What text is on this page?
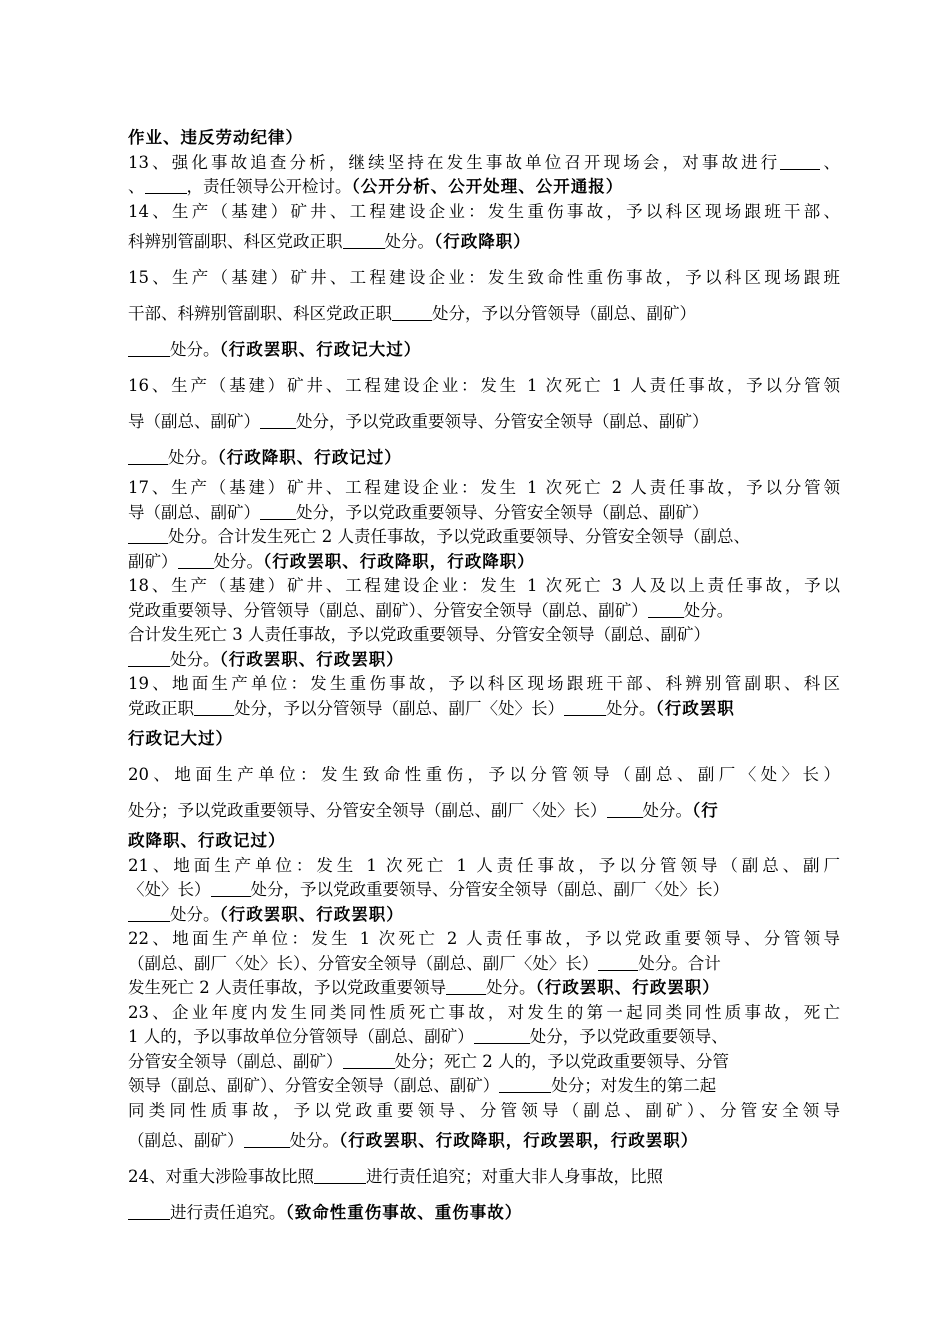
作业、违反劳动纪律）
13、强化事故追查分析，继续坚持在发生事故单位召开现场会，对事故进行 、
、	，责任领导公开检讨。（公开分析、公开处理、公开通报）
14、生产（基建）矿井、工程建设企业：发生重伤事故，予以科区现场跟班干部、
科辨别管副职、科区党政正职	处分。（行政降职）
15、生产（基建）矿井、工程建设企业：发生致命性重伤事故，予以科区现场跟班
干部、科辨别管副职、科区党政正职 处分，予以分管领导（副总、副矿）
处分。（行政罢职、行政记大过）
16、生产（基建）矿井、工程建设企业：发生 1 次死亡 1 人责任事故，予以分管领
导（副总、副矿） 处分，予以党政重要领导、分管安全领导（副总、副矿）
处分。（行政降职、行政记过）
17、生产（基建）矿井、工程建设企业：发生 1 次死亡 2 人责任事故，予以分管领
导（副总、副矿） 处分，予以党政重要领导、分管安全领导（副总、副矿）
处分。合计发生死亡 2 人责任事故，予以党政重要领导、分管安全领导（副总、
副矿） 处分。（行政罢职、行政降职，行政降职）
18、生产（基建）矿井、工程建设企业：发生 1 次死亡 3 人及以上责任事故，予以
党政重要领导、分管领导（副总、副矿）、分管安全领导（副总、副矿） 处分。
合计发生死亡 3 人责任事故，予以党政重要领导、分管安全领导（副总、副矿）
处分。（行政罢职、行政罢职）
19、地面生产单位：发生重伤事故，予以科区现场跟班干部、科辨别管副职、科区
党政正职 处分，予以分管领导（副总、副厂〈处〉长）	处分。（行政罢职
行政记大过）
20、地面生产单位：发生致命性重伤，予以分管领导（副总、副厂〈处〉长）
处分；予以党政重要领导、分管安全领导（副总、副厂〈处〉长） 处分。（行
政降职、行政记过）
21、地面生产单位：发生 1 次死亡 1 人责任事故，予以分管领导（副总、副厂
〈处〉长） 处分，予以党政重要领导、分管安全领导（副总、副厂〈处〉长）
处分。（行政罢职、行政罢职）
22、地面生产单位：发生 1 次死亡 2 人责任事故，予以党政重要领导、分管领导
（副总、副厂〈处〉长）、分管安全领导（副总、副厂〈处〉长） 处分。合计
发生死亡 2 人责任事故，予以党政重要领导 处分。（行政罢职、行政罢职）
23、企业年度内发生同类同性质死亡事故，对发生的第一起同类同性质事故，死亡
1 人的，予以事故单位分管领导（副总、副矿）	处分，予以党政重要领导、
分管安全领导（副总、副矿）	处分；死亡 2 人的，予以党政重要领导、分管
领导（副总、副矿）、分管安全领导（副总、副矿）	处分；对发生的第二起
同类同性质事故，予以党政重要领导、分管领导（副总、副矿）、分管安全领导
（副总、副矿）	处分。（行政罢职、行政降职，行政罢职，行政罢职）
24、对重大涉险事故比照	进行责任追究；对重大非人身事故，比照
进行责任追究。（致命性重伤事故、重伤事故）
